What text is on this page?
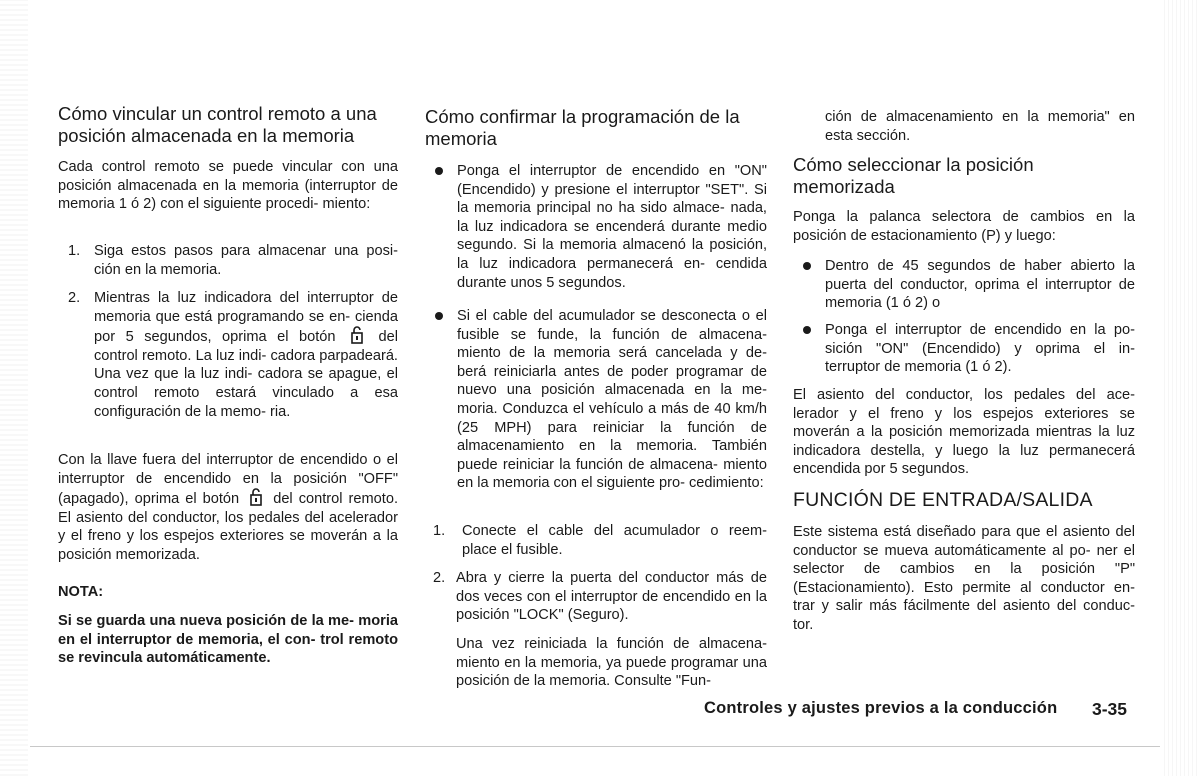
Cómo vincular un control remoto a una posición almacenada en la memoria

Cada control remoto se puede vincular con una posición almacenada en la memoria (interruptor de memoria 1 ó 2) con el siguiente procedi- miento:

1. Siga estos pasos para almacenar una posi- ción en la memoria.
2. Mientras la luz indicadora del interruptor de memoria que está programando se en- cienda por 5 segundos, oprima el botón	del control remoto. La luz indi- cadora parpadeará. Una vez que la luz indi- cadora se apague, el control remoto estará vinculado a esa configuración de la memo- ria.

Con la llave fuera del interruptor de encendido o el interruptor de encendido en la posición "OFF" (apagado), oprima el botón del control remoto. El asiento del conductor, los pedales del acelerador y el freno y los espejos exteriores se moverán a la posición memorizada.

NOTA:

Si se guarda una nueva posición de la me- moria en el interruptor de memoria, el con- trol remoto se revincula automáticamente.

Cómo confirmar la programación de la memoria
Ponga el interruptor de encendido en "ON" (Encendido) y presione el interruptor "SET". Si la memoria principal no ha sido almace- nada, la luz indicadora se encenderá durante medio segundo. Si la memoria almacenó la posición, la luz indicadora permanecerá en- cendida durante unos 5 segundos.
Si el cable del acumulador se desconecta o el fusible se funde, la función de almacena- miento de la memoria será cancelada y de- berá reiniciarla antes de poder programar de nuevo una posición almacenada en la me- moria. Conduzca el vehículo a más de 40 km/h (25 MPH) para reiniciar la función de almacenamiento en la memoria. También puede reiniciar la función de almacena- miento en la memoria con el siguiente pro- cedimiento:
1. Conecte el cable del acumulador o reem- place el fusible.
2. Abra y cierre la puerta del conductor más de dos veces con el interruptor de encendido en la posición "LOCK" (Seguro).

Una vez reiniciada la función de almacena- miento en la memoria, ya puede programar una posición de la memoria. Consulte "Fun-

ción de almacenamiento en la memoria" en esta sección.

Cómo seleccionar la posición memorizada

Ponga la palanca selectora de cambios en la posición de estacionamiento (P) y luego:

Dentro de 45 segundos de haber abierto la puerta del conductor, oprima el interruptor de memoria (1 ó 2) o
Ponga el interruptor de encendido en la po- sición "ON" (Encendido) y oprima el in- terruptor de memoria (1 ó 2).

El asiento del conductor, los pedales del ace- lerador y el freno y los espejos exteriores se moverán a la posición memorizada mientras la luz indicadora destella, y luego la luz permanecerá encendida por 5 segundos.

FUNCIÓN DE ENTRADA/SALIDA

Este sistema está diseñado para que el asiento del conductor se mueva automáticamente al po- ner el selector de cambios en la posición "P" (Estacionamiento). Esto permite al conductor en- trar y salir más fácilmente del asiento del conduc- tor.

Controles y ajustes previos a la conducción 3-35
